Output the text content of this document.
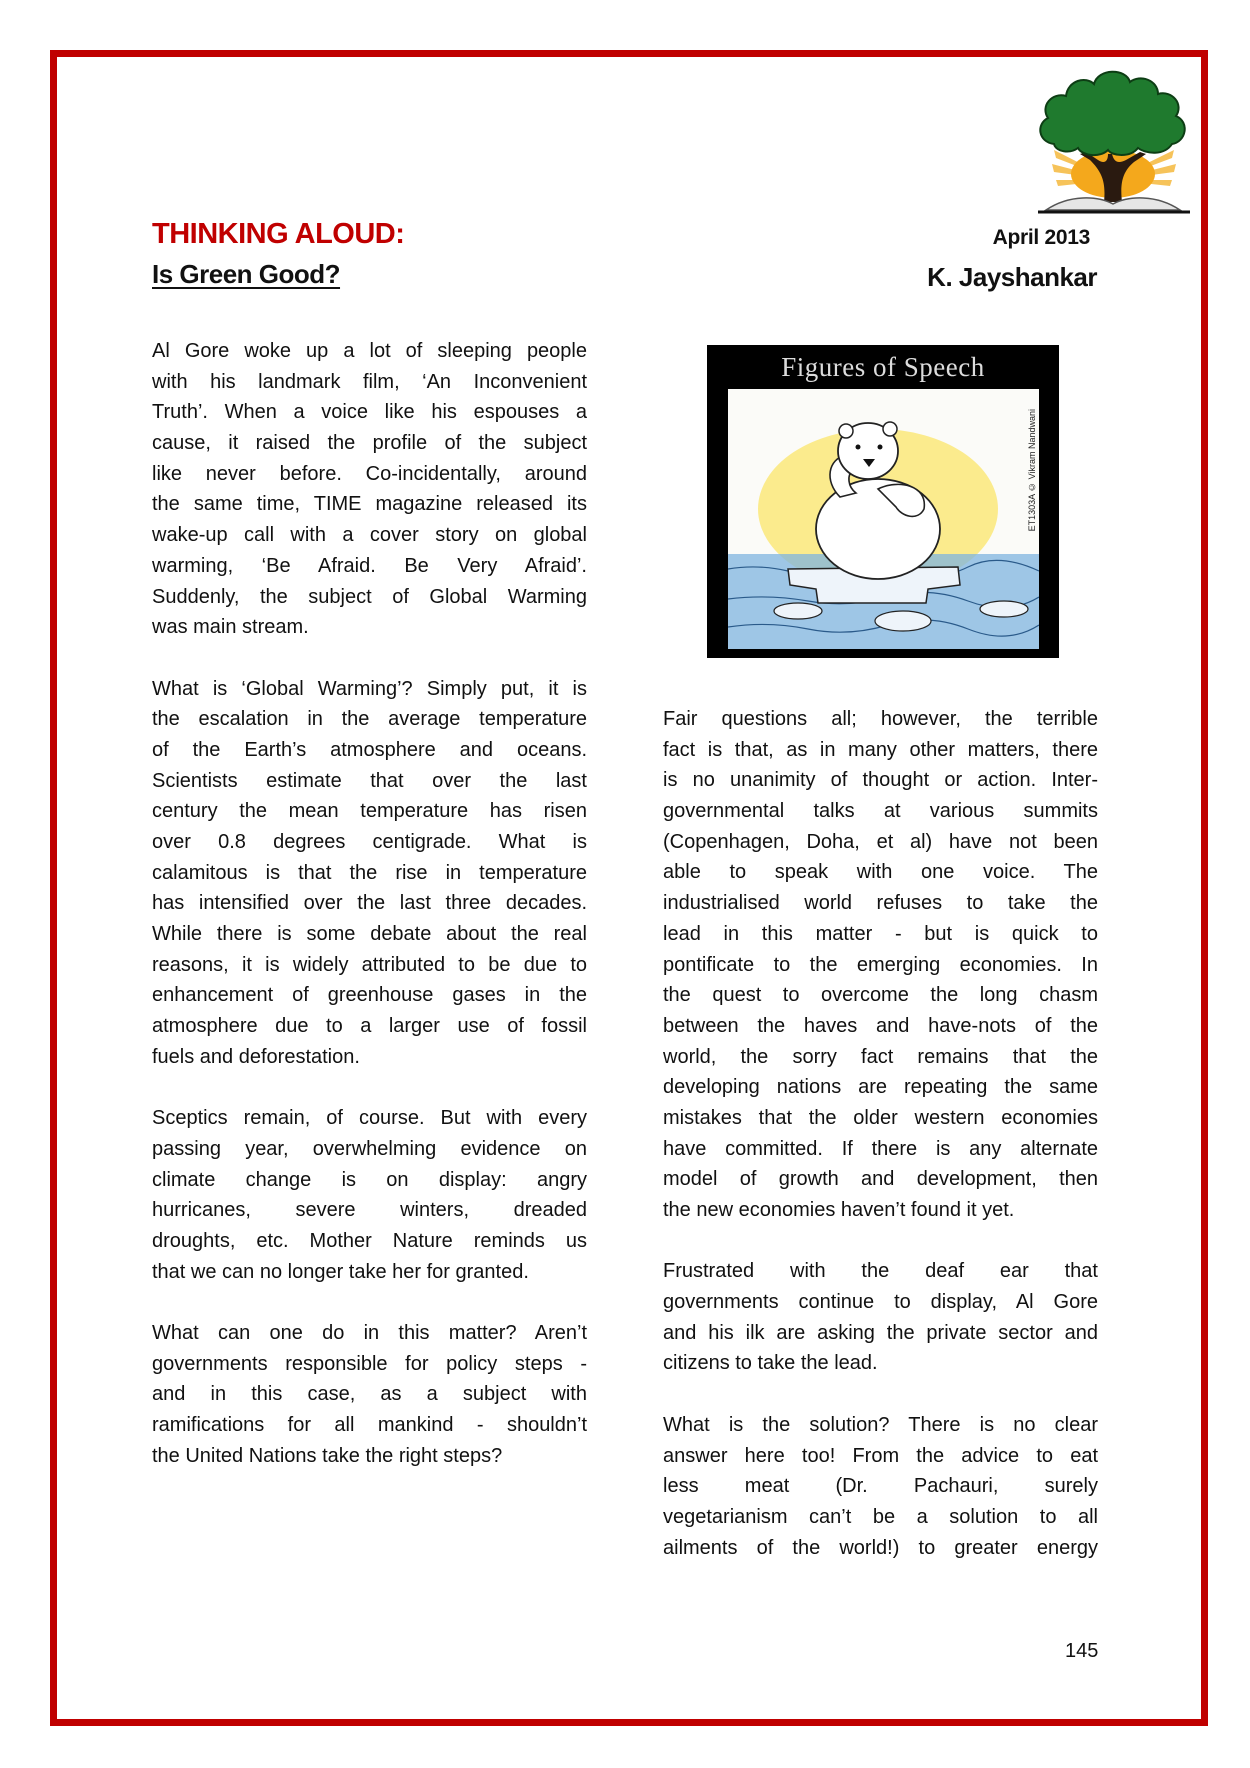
THINKING ALOUD:
Is Green Good?
April 2013
K. Jayshankar
Al Gore woke up a lot of sleeping people
with his landmark film, ‘An Inconvenient
Truth’. When a voice like his espouses a
cause, it raised the profile of the subject
like never before. Co-incidentally, around
the same time, TIME magazine released its
wake-up call with a cover story on global
warming, ‘Be Afraid. Be Very Afraid’.
Suddenly, the subject of Global Warming
was main stream.
What is ‘Global Warming’? Simply put, it is
the escalation in the average temperature
of the Earth’s atmosphere and oceans.
Scientists estimate that over the last
century the mean temperature has risen
over 0.8 degrees centigrade. What is
calamitous is that the rise in temperature
has intensified over the last three decades.
While there is some debate about the real
reasons, it is widely attributed to be due to
enhancement of greenhouse gases in the
atmosphere due to a larger use of fossil
fuels and deforestation.
Sceptics remain, of course. But with every
passing year, overwhelming evidence on
climate change is on display: angry
hurricanes, severe winters, dreaded
droughts, etc. Mother Nature reminds us
that we can no longer take her for granted.
What can one do in this matter? Aren’t
governments responsible for policy steps -
and in this case, as a subject with
ramifications for all mankind - shouldn’t
the United Nations take the right steps?
Fair questions all; however, the terrible
fact is that, as in many other matters, there
is no unanimity of thought or action. Inter-
governmental talks at various summits
(Copenhagen, Doha, et al) have not been
able to speak with one voice. The
industrialised world refuses to take the
lead in this matter - but is quick to
pontificate to the emerging economies. In
the quest to overcome the long chasm
between the haves and have-nots of the
world, the sorry fact remains that the
developing nations are repeating the same
mistakes that the older western economies
have committed. If there is any alternate
model of growth and development, then
the new economies haven’t found it yet.
Frustrated with the deaf ear that
governments continue to display, Al Gore
and his ilk are asking the private sector and
citizens to take the lead.
What is the solution? There is no clear
answer here too! From the advice to eat
less meat (Dr. Pachauri, surely
vegetarianism can’t be a solution to all
ailments of the world!) to greater energy
Figures of Speech
ET1303A © Vikram Nandwani
145
